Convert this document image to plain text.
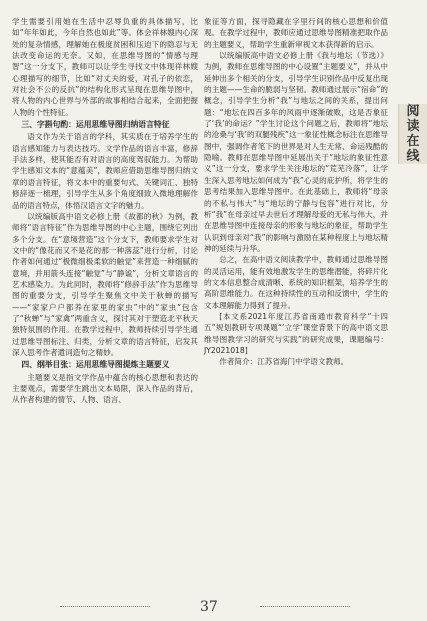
学生需要引用她在生活中忍辱负重的具体描写，比如“年年如此，今年自然也如此”等。体会祥林嫂内心深处的复杂情感，理解她在极度贫困和压迫下的隐忍与无法改变命运的无奈。又如，在思维导图的“情感与理智”这一分支下，教师可以让学生寻找文中体现祥林嫂心理描写的细节，比如“对丈夫的爱，对孔子的依恋，对社会不公的反抗”的结构化形式呈现在思维导图中，将人物的内心世界与外部的故事相结合起来，全面把握人物的个性特征。

三、字斟句酌：运用思维导图归纳语言特征

语文作为关于语言的学科，其实质在于培养学生的语言感知能力与表达技巧。文学作品的语言丰富，修辞手法多样，使其能否有对语言的高度驾驭能力。为帮助学生感知文本的“意蕴美”，教师应借助思维导图归纳文章的语言特征，将文本中的重要句式、关键词汇、独特修辞逐一梳理，引导学生从多个角度细致入微地理解作品的语言特点，体悟汉语言文字的魅力。

以统编版高中语文必修上册《故都的秋》为例，教师将“语言特征”作为思维导图的中心主题，围绕它列出多个分支。在“意境营造”这个分支下，教师要求学生对文中的“像花而又不是花的那一种落蕊”进行分析，讨论作者如何通过“极微细极柔软的触觉”来营造一种细腻的意境，并用箭头连接“触觉”与“静谧”，分析文章语言的艺术感染力。为此同时，教师将“修辞手法”作为思维导图的重要分支，引导学生聚焦文中关于秋蝉的描写——“家家户户都养在家里的家虫”中的“家虫”包含了“秋蝉”与“家禽”两重含义，探讨其对于塑造北平秋天独特氛围的作用。在教学过程中，教师持续引导学生通过思维导图标注、归类，分析文章的语言特征，启发其深入思考作者遣词造句之精妙。

四、纲举目张：运用思维导图提炼主题要义

主题要义是指文学作品中蕴含的核心思想和表达的主要观点，需要学生跳出文本局限，深入作品的背后，从作者构建的情节、人物、语言、

象征等方面，探寻隐藏在字里行间的核心思想和价值观。在教学过程中，教师应通过思维导图精准把取作品的主题要义，帮助学生重新审视文本获得新的启示。

以统编版高中语文必修上册《我与地坛（节选）》为例，教师在思维导图的中心设置“主题要义”，并从中延伸出多个相关的分支，引导学生识别作品中反复出现的主题——生命的脆弱与坚韧。教师通过展示“宿命”的概念，引导学生分析“我”与地坛之间的关系，提出问题：“地坛在四百多年的风雨中逐渐破败，这是否象征了‘我’的命运？”学生讨论这个问题之后，教师将“地坛的沧桑与‘我’的双腿残疾”这一象征性概念标注在思维导图中，强调作者笔下的世界是对人生无常、命运残酷的隐喻。教师在思维导图中延展出关于“地坛的象征性意义”这一分支，要求学生关注地坛的“荒芜冷落”，让学生深入思考地坛如何成为“我”心灵的庇护所，将学生的思考结果加入思维导图中。在此基础上，教师将“母亲的不私与伟大”与“地坛的宁静与包容”进行对比，分析“我”在母亲过早去世后才理解母爱的无私与伟大，并在思维导图中连接母亲的形象与地坛的象征，帮助学生认识到母亲对“我”的影响与激励在某种程度上与地坛精神的延续与升华。

总之，在高中语文阅读教学中，教师通过思维导图的灵活运用，能有效地激发学生的思维潜能，将碎片化的文本信息整合成清晰、系统的知识框架，培养学生的高阶思维能力。在这种持续性的互动和反馈中，学生的文本理解能力得到了提升。

[本文系2021年度江苏省南通市教育科学“十四五”规划教研专项课题“‘立学’课堂背景下的高中语文思维导图教学习的研究与实践”的研究成果，课题编号：JY2021018]

作者简介：江苏省海门中学语文教师。

阅
读
在
线
37
